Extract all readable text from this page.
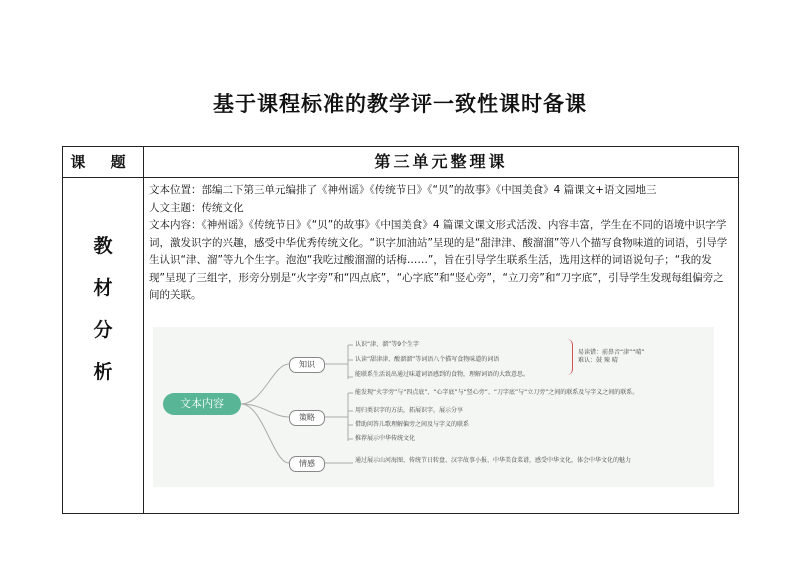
基于课程标准的教学评一致性课时备课
课 题	第三单元整理课
教
材
分
析

文本位置：部编二下第三单元编排了《神州谣》《传统节日》《“贝”的故事》《中国美食》4 篇课文+语文园地三

人文主题：传统文化

文本内容：《神州谣》《传统节日》《“贝”的故事》《中国美食》4 篇课文课文形式活泼、内容丰富，学生在不同的语境中识字学词，激发识字的兴趣，感受中华优秀传统文化。“识字加油站”呈现的是“甜津津、酸溜溜”等八个描写食物味道的词语，引导学生认识“津、溜”等九个生字。泡泡“我吃过酸溜溜的话梅……”，旨在引导学生联系生活，选用这样的词语说句子；“我的发现”呈现了三组字，形旁分别是“火字旁”和“四点底”，“心字底”和“竖心旁”，“立刀旁”和“刀字底”，引导学生发现每组偏旁之间的关联。

文本内容
知识
认识“津、溜”等9个生字
认读“甜津津、酸溜溜”等词语八个描写食物味道的词语
能联系生活说出通过味道词语感到的食物，理解词语的大致意思。
易读错：前鼻音“津”“晴”
难认：鼓 辣 晴
策略
能发现“火字旁”与“四点底”、“心字底”与“竖心旁”、“刀字底”与“立刀旁”之间的联系及与字义之间的联系。
用归类识字的方法，拓展识字，展示分享
借助问答儿歌理解偏旁之间及与字义的联系
推荐展示中华传统文化
情感	通过展示山河海图、传统节日转盘、汉字故事小报、中华美食菜谱，感受中华文化，体会中华文化的魅力
